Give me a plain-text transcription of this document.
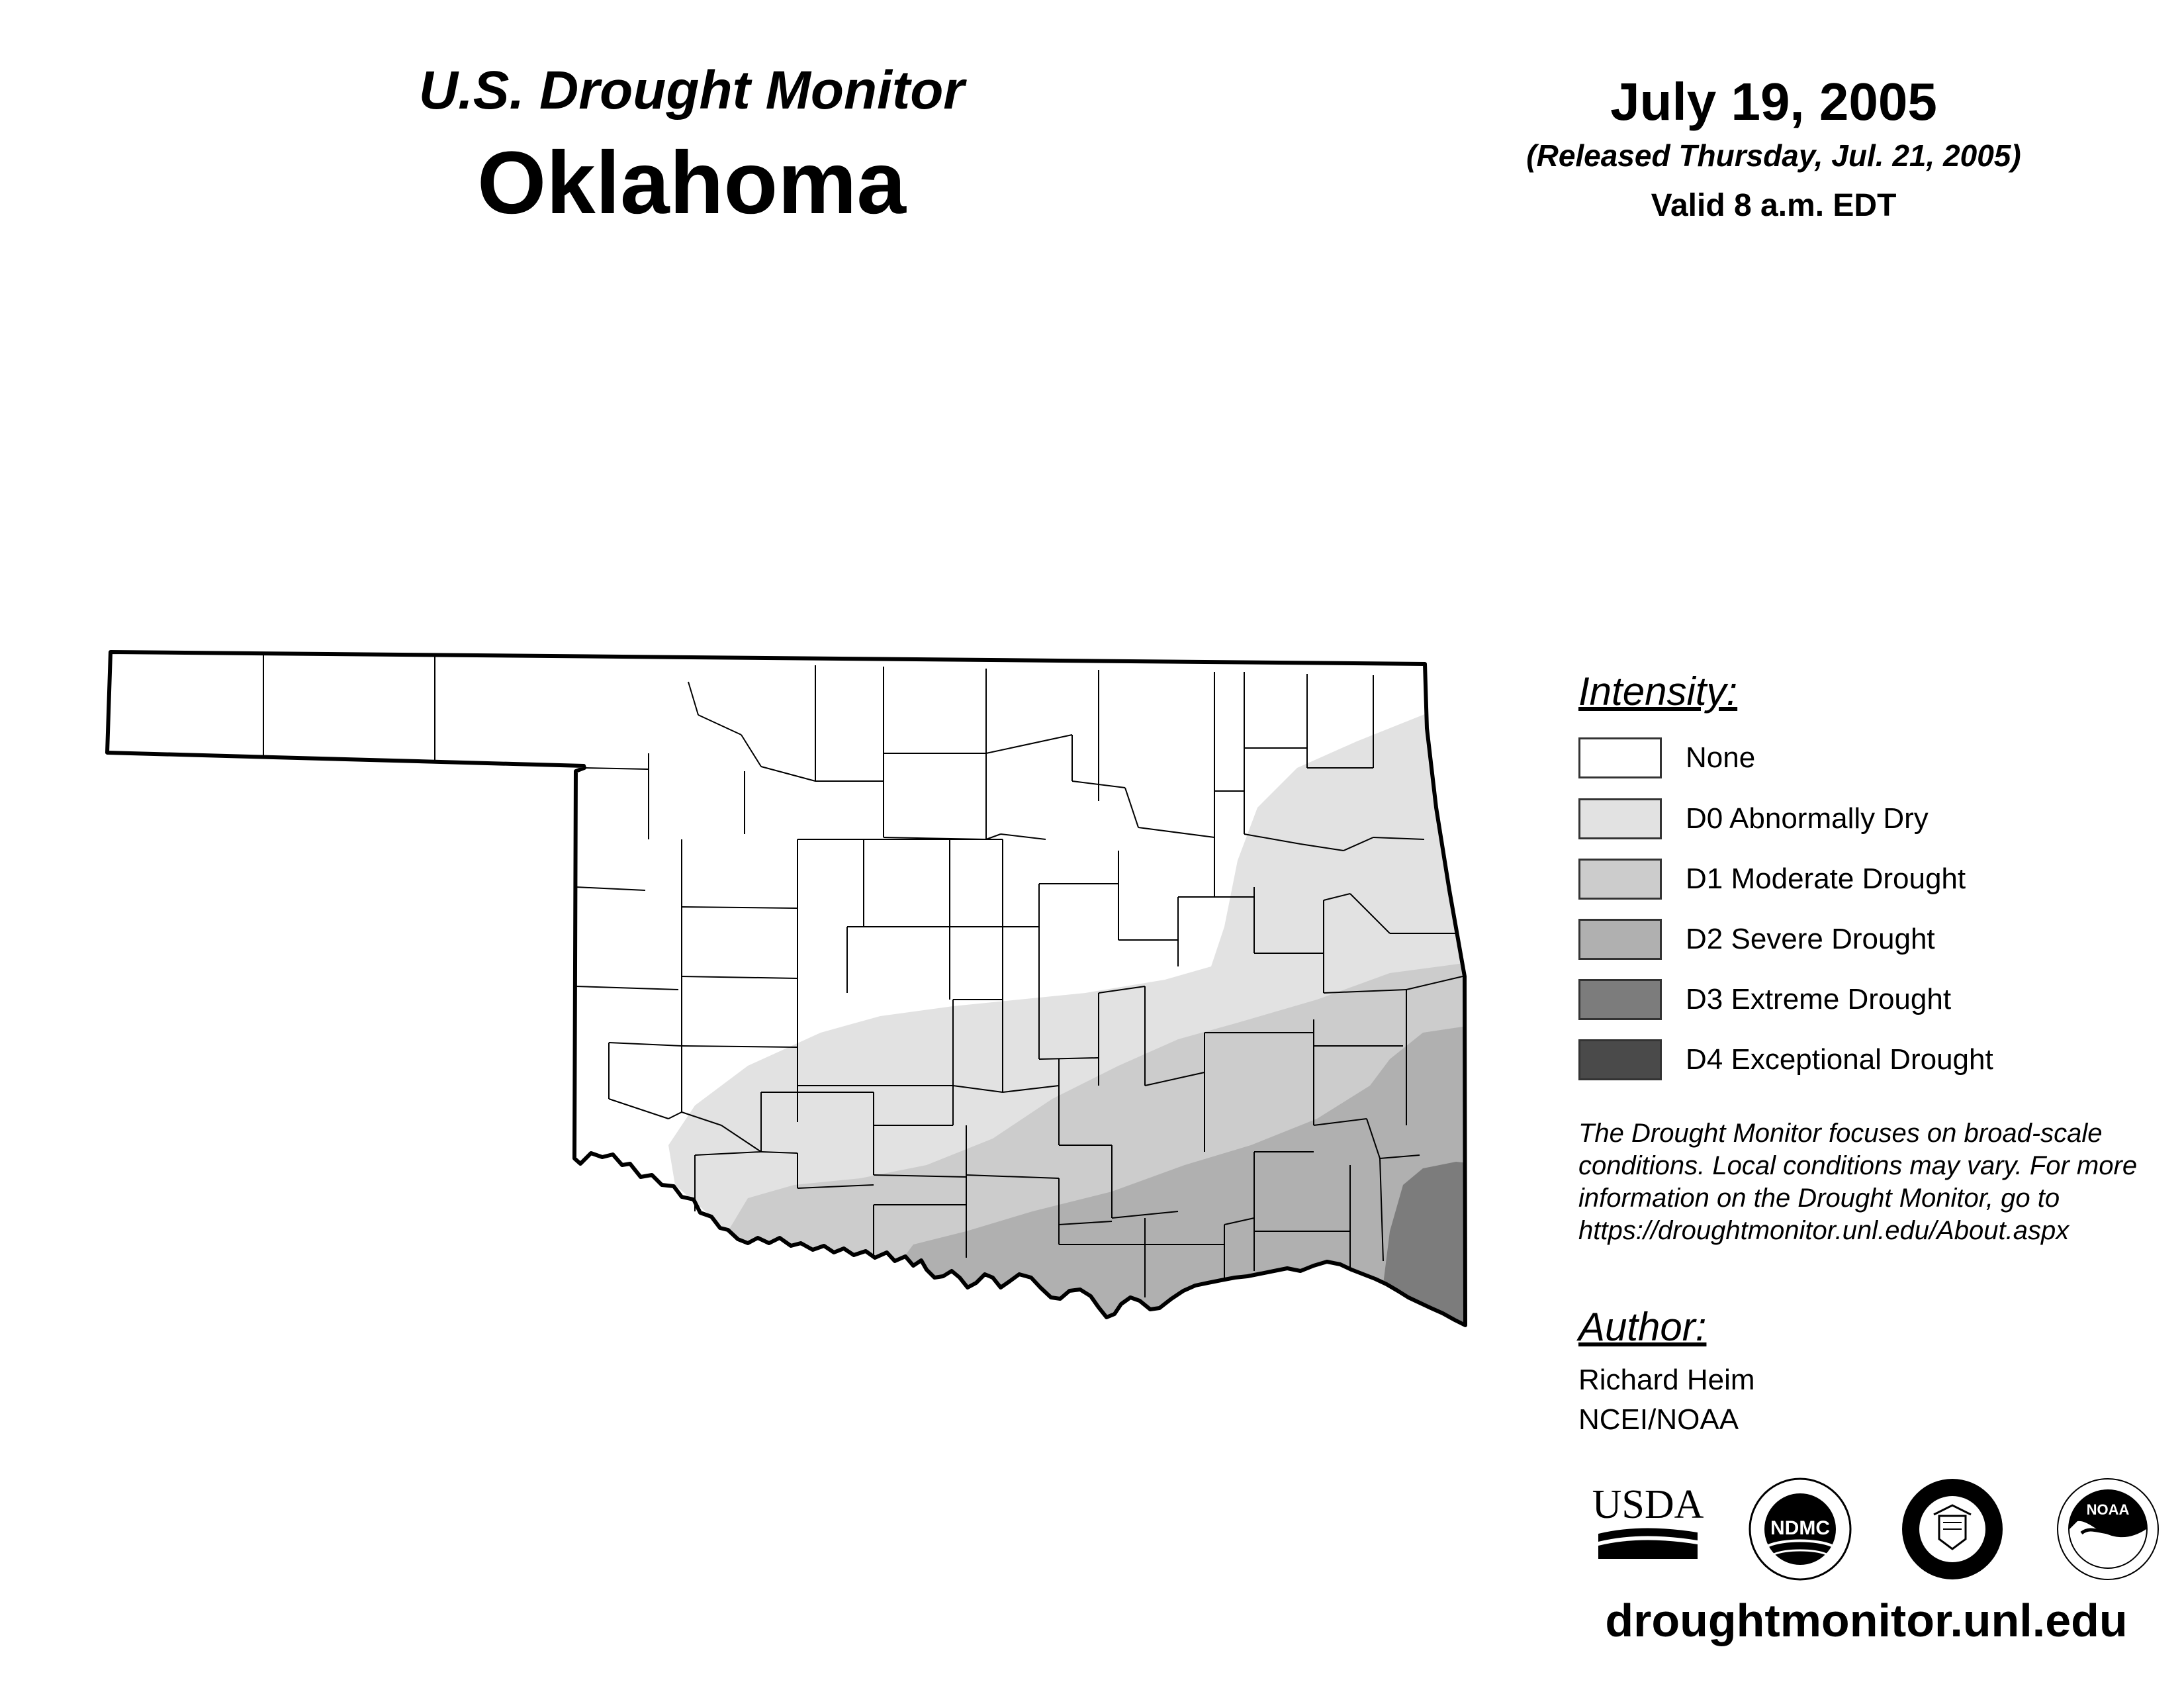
U.S. Drought Monitor
Oklahoma
July 19, 2005
(Released Thursday, Jul. 21, 2005)
Valid 8 a.m. EDT
Intensity:
None
D0 Abnormally Dry
D1 Moderate Drought
D2 Severe Drought
D3 Extreme Drought
D4 Exceptional Drought
The Drought Monitor focuses on broad-scale
conditions. Local conditions may vary. For more
information on the Drought Monitor, go to
https://droughtmonitor.unl.edu/About.aspx
Author:
Richard Heim
NCEI/NOAA
USDA
NDMC
NOAA
droughtmonitor.unl.edu
